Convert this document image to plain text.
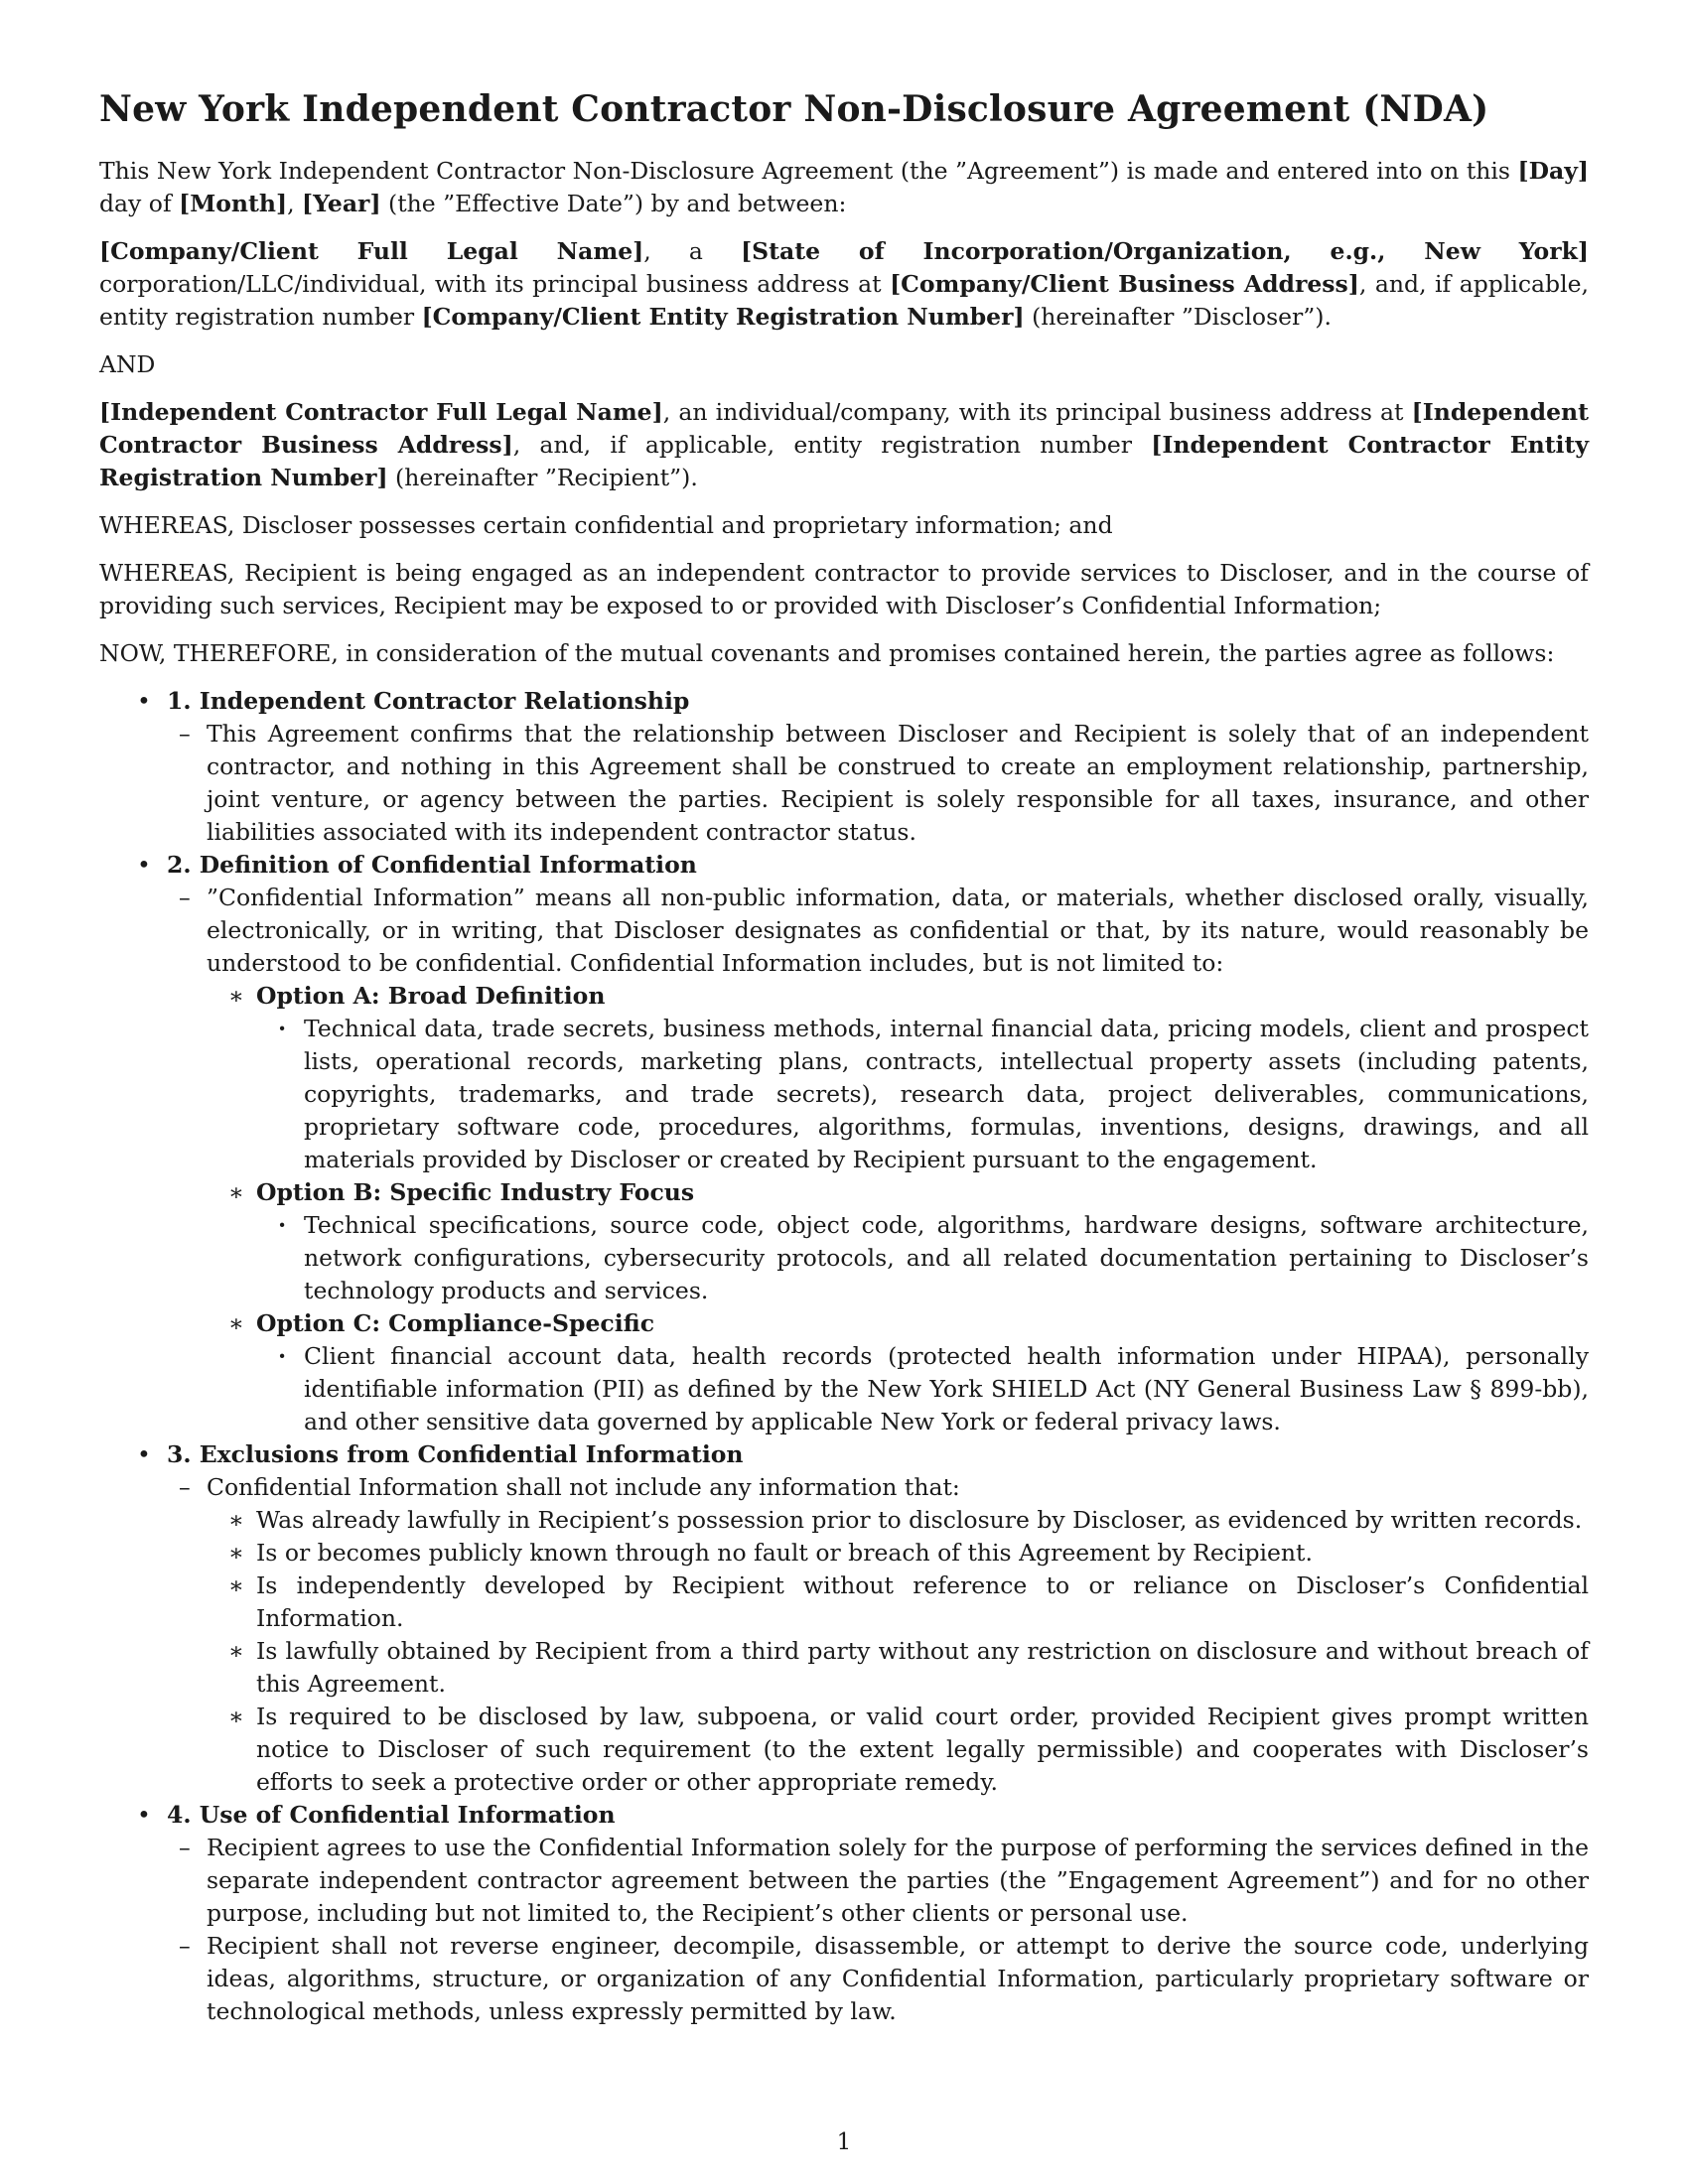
New York Independent Contractor Non-Disclosure Agreement (NDA)

This New York Independent Contractor Non-Disclosure Agreement (the ”Agreement”) is made and entered into on this [Day] day of [Month], [Year] (the ”Effective Date”) by and between:

[Company/Client Full Legal Name], a [State of Incorporation/Organization, e.g., New York] corporation/LLC/individual, with its principal business address at [Company/Client Business Address], and, if applicable, entity registration number [Company/Client Entity Registration Number] (hereinafter ”Discloser”).

AND

[Independent Contractor Full Legal Name], an individual/company, with its principal business address at [Independent Contractor Business Address], and, if applicable, entity registration number [Independent Contractor Entity Registration Number] (hereinafter ”Recipient”).

WHEREAS, Discloser possesses certain confidential and proprietary information; and

WHEREAS, Recipient is being engaged as an independent contractor to provide services to Discloser, and in the course of providing such services, Recipient may be exposed to or provided with Discloser’s Confidential Information;

NOW, THEREFORE, in consideration of the mutual covenants and promises contained herein, the parties agree as follows:

• 1. Independent Contractor Relationship
– This Agreement confirms that the relationship between Discloser and Recipient is solely that of an independent contractor, and nothing in this Agreement shall be construed to create an employment relationship, partnership, joint venture, or agency between the parties. Recipient is solely responsible for all taxes, insurance, and other liabilities associated with its independent contractor status.
• 2. Definition of Confidential Information
– ”Confidential Information” means all non-public information, data, or materials, whether disclosed orally, visually, electronically, or in writing, that Discloser designates as confidential or that, by its nature, would reasonably be understood to be confidential. Confidential Information includes, but is not limited to:
∗ Option A: Broad Definition
· Technical data, trade secrets, business methods, internal financial data, pricing models, client and prospect lists, operational records, marketing plans, contracts, intellectual property assets (including patents, copyrights, trademarks, and trade secrets), research data, project deliverables, communications, proprietary software code, procedures, algorithms, formulas, inventions, designs, drawings, and all materials provided by Discloser or created by Recipient pursuant to the engagement.
∗ Option B: Specific Industry Focus
· Technical specifications, source code, object code, algorithms, hardware designs, software architecture, network configurations, cybersecurity protocols, and all related documentation pertaining to Discloser’s technology products and services.
∗ Option C: Compliance-Specific
· Client financial account data, health records (protected health information under HIPAA), personally identifiable information (PII) as defined by the New York SHIELD Act (NY General Business Law § 899-bb), and other sensitive data governed by applicable New York or federal privacy laws.
• 3. Exclusions from Confidential Information
– Confidential Information shall not include any information that:
∗ Was already lawfully in Recipient’s possession prior to disclosure by Discloser, as evidenced by written records.
∗ Is or becomes publicly known through no fault or breach of this Agreement by Recipient.
∗ Is independently developed by Recipient without reference to or reliance on Discloser’s Confidential Information.
∗ Is lawfully obtained by Recipient from a third party without any restriction on disclosure and without breach of this Agreement.
∗ Is required to be disclosed by law, subpoena, or valid court order, provided Recipient gives prompt written notice to Discloser of such requirement (to the extent legally permissible) and cooperates with Discloser’s efforts to seek a protective order or other appropriate remedy.
• 4. Use of Confidential Information
– Recipient agrees to use the Confidential Information solely for the purpose of performing the services defined in the separate independent contractor agreement between the parties (the ”Engagement Agreement”) and for no other purpose, including but not limited to, the Recipient’s other clients or personal use.
– Recipient shall not reverse engineer, decompile, disassemble, or attempt to derive the source code, underlying ideas, algorithms, structure, or organization of any Confidential Information, particularly proprietary software or technological methods, unless expressly permitted by law.
1
